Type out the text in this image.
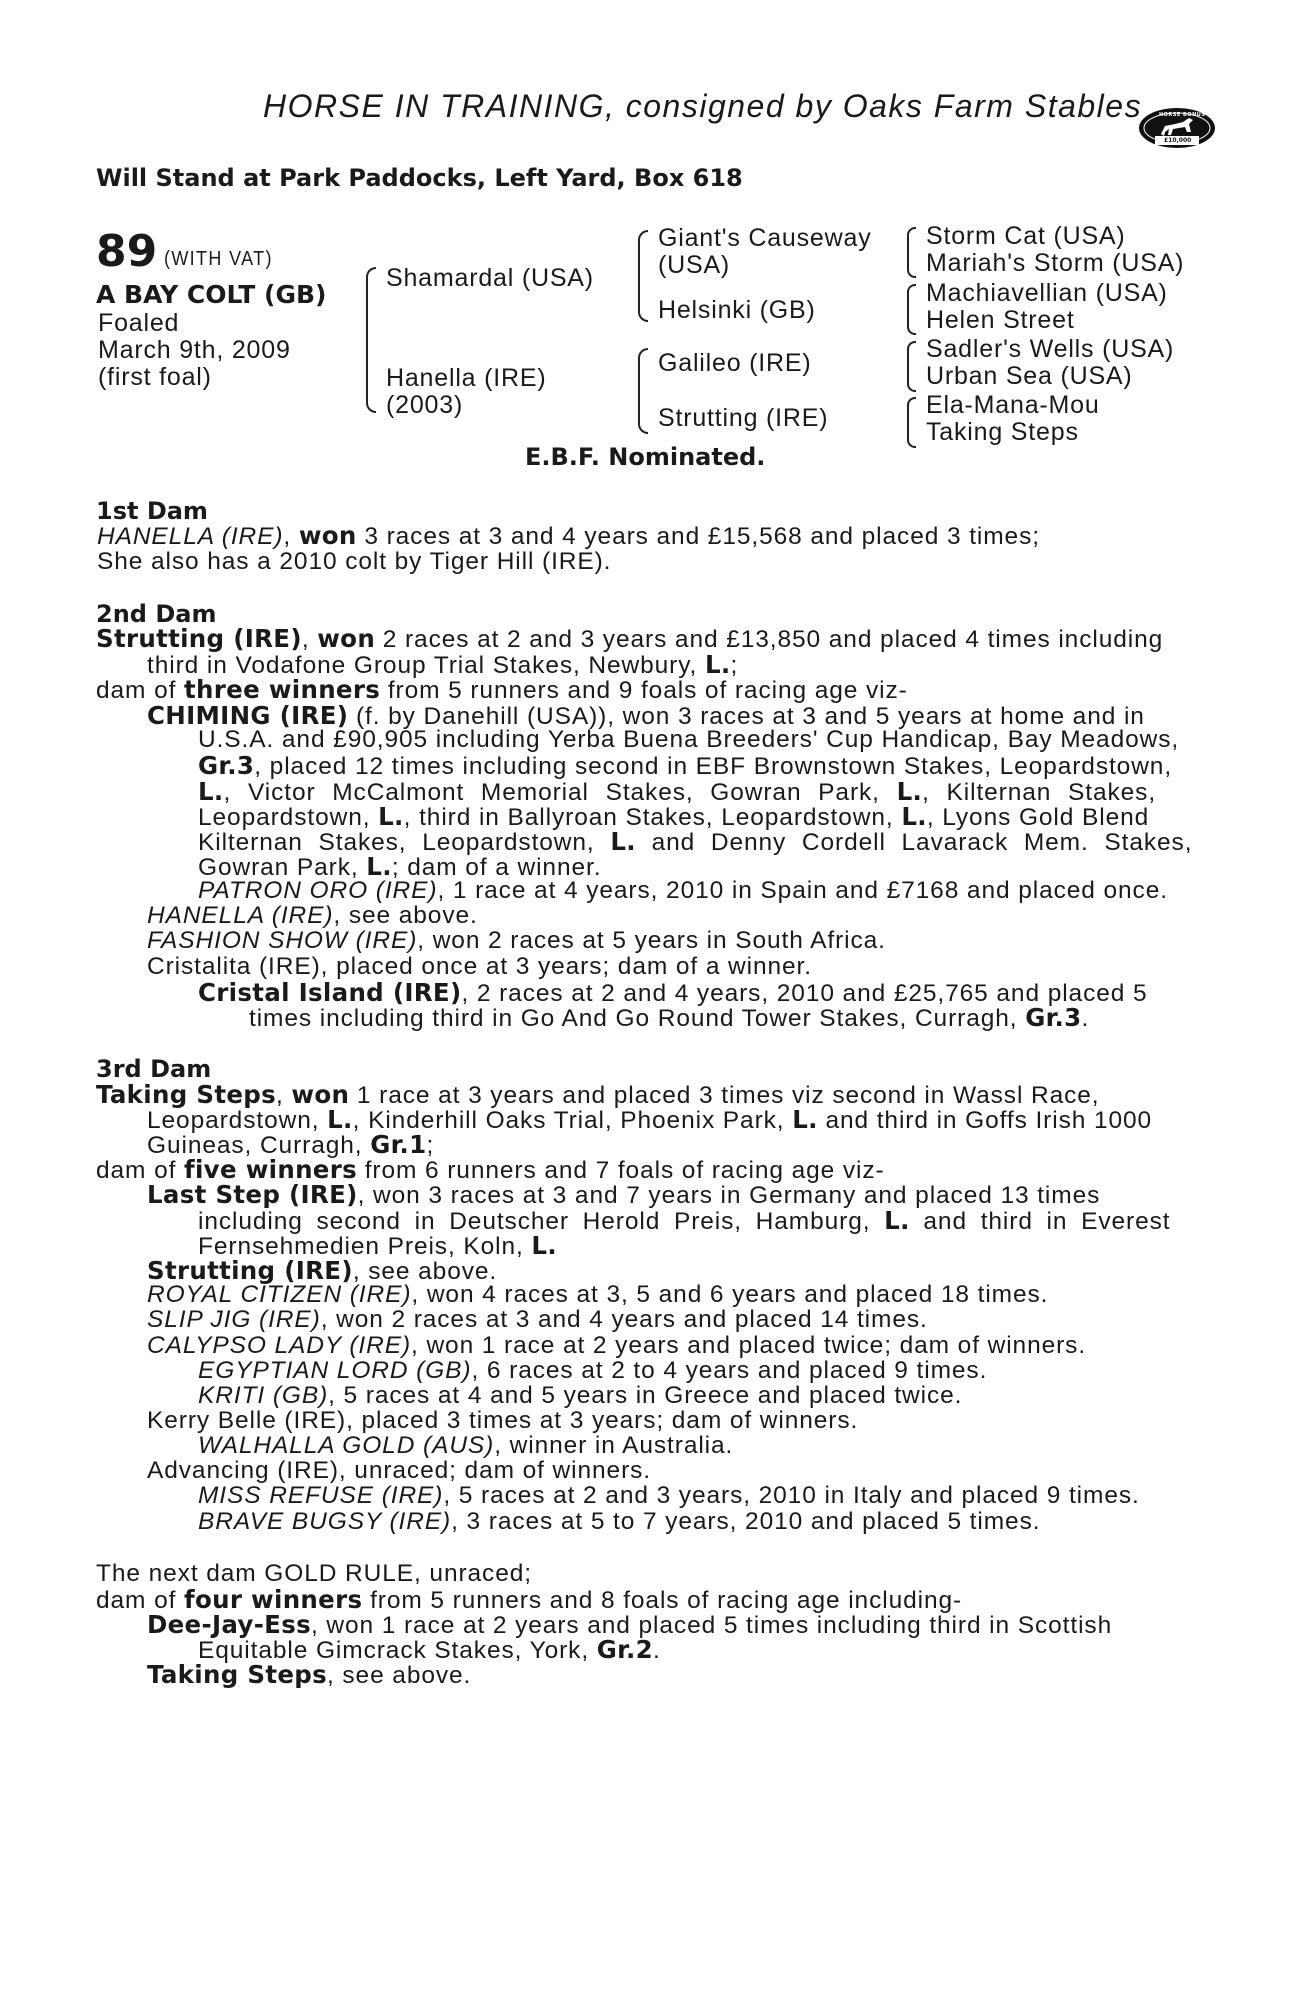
HORSE IN TRAINING, consigned by Oaks Farm Stables	HORSE BONUS
£10,000
Will Stand at Park Paddocks, Left Yard, Box 618
89 (WITH VAT)
A BAY COLT (GB)
Foaled
March 9th, 2009
(first foal)
Shamardal (USA)
Hanella (IRE)
(2003)
Giant's Causeway
(USA)
Helsinki (GB)
Galileo (IRE)
Strutting (IRE)
Storm Cat (USA)
Mariah's Storm (USA)
Machiavellian (USA)
Helen Street
Sadler's Wells (USA)
Urban Sea (USA)
Ela-Mana-Mou
Taking Steps
E.B.F. Nominated.
1st Dam
HANELLA (IRE), won 3 races at 3 and 4 years and £15,568 and placed 3 times;
She also has a 2010 colt by Tiger Hill (IRE).
2nd Dam
Strutting (IRE), won 2 races at 2 and 3 years and £13,850 and placed 4 times including
third in Vodafone Group Trial Stakes, Newbury, L.;
dam of three winners from 5 runners and 9 foals of racing age viz-
CHIMING (IRE) (f. by Danehill (USA)), won 3 races at 3 and 5 years at home and in
U.S.A. and £90,905 including Yerba Buena Breeders' Cup Handicap, Bay Meadows,
Gr.3, placed 12 times including second in EBF Brownstown Stakes, Leopardstown,
L., Victor McCalmont Memorial Stakes, Gowran Park, L., Kilternan Stakes,
Leopardstown, L., third in Ballyroan Stakes, Leopardstown, L., Lyons Gold Blend
Kilternan Stakes, Leopardstown, L. and Denny Cordell Lavarack Mem. Stakes,
Gowran Park, L.; dam of a winner.
PATRON ORO (IRE), 1 race at 4 years, 2010 in Spain and £7168 and placed once.
HANELLA (IRE), see above.
FASHION SHOW (IRE), won 2 races at 5 years in South Africa.
Cristalita (IRE), placed once at 3 years; dam of a winner.
Cristal Island (IRE), 2 races at 2 and 4 years, 2010 and £25,765 and placed 5
times including third in Go And Go Round Tower Stakes, Curragh, Gr.3.
3rd Dam
Taking Steps, won 1 race at 3 years and placed 3 times viz second in Wassl Race,
Leopardstown, L., Kinderhill Oaks Trial, Phoenix Park, L. and third in Goffs Irish 1000
Guineas, Curragh, Gr.1;
dam of five winners from 6 runners and 7 foals of racing age viz-
Last Step (IRE), won 3 races at 3 and 7 years in Germany and placed 13 times
including second in Deutscher Herold Preis, Hamburg, L. and third in Everest
Fernsehmedien Preis, Koln, L.
Strutting (IRE), see above.
ROYAL CITIZEN (IRE), won 4 races at 3, 5 and 6 years and placed 18 times.
SLIP JIG (IRE), won 2 races at 3 and 4 years and placed 14 times.
CALYPSO LADY (IRE), won 1 race at 2 years and placed twice; dam of winners.
EGYPTIAN LORD (GB), 6 races at 2 to 4 years and placed 9 times.
KRITI (GB), 5 races at 4 and 5 years in Greece and placed twice.
Kerry Belle (IRE), placed 3 times at 3 years; dam of winners.
WALHALLA GOLD (AUS), winner in Australia.
Advancing (IRE), unraced; dam of winners.
MISS REFUSE (IRE), 5 races at 2 and 3 years, 2010 in Italy and placed 9 times.
BRAVE BUGSY (IRE), 3 races at 5 to 7 years, 2010 and placed 5 times.
The next dam GOLD RULE, unraced;
dam of four winners from 5 runners and 8 foals of racing age including-
Dee-Jay-Ess, won 1 race at 2 years and placed 5 times including third in Scottish
Equitable Gimcrack Stakes, York, Gr.2.
Taking Steps, see above.
